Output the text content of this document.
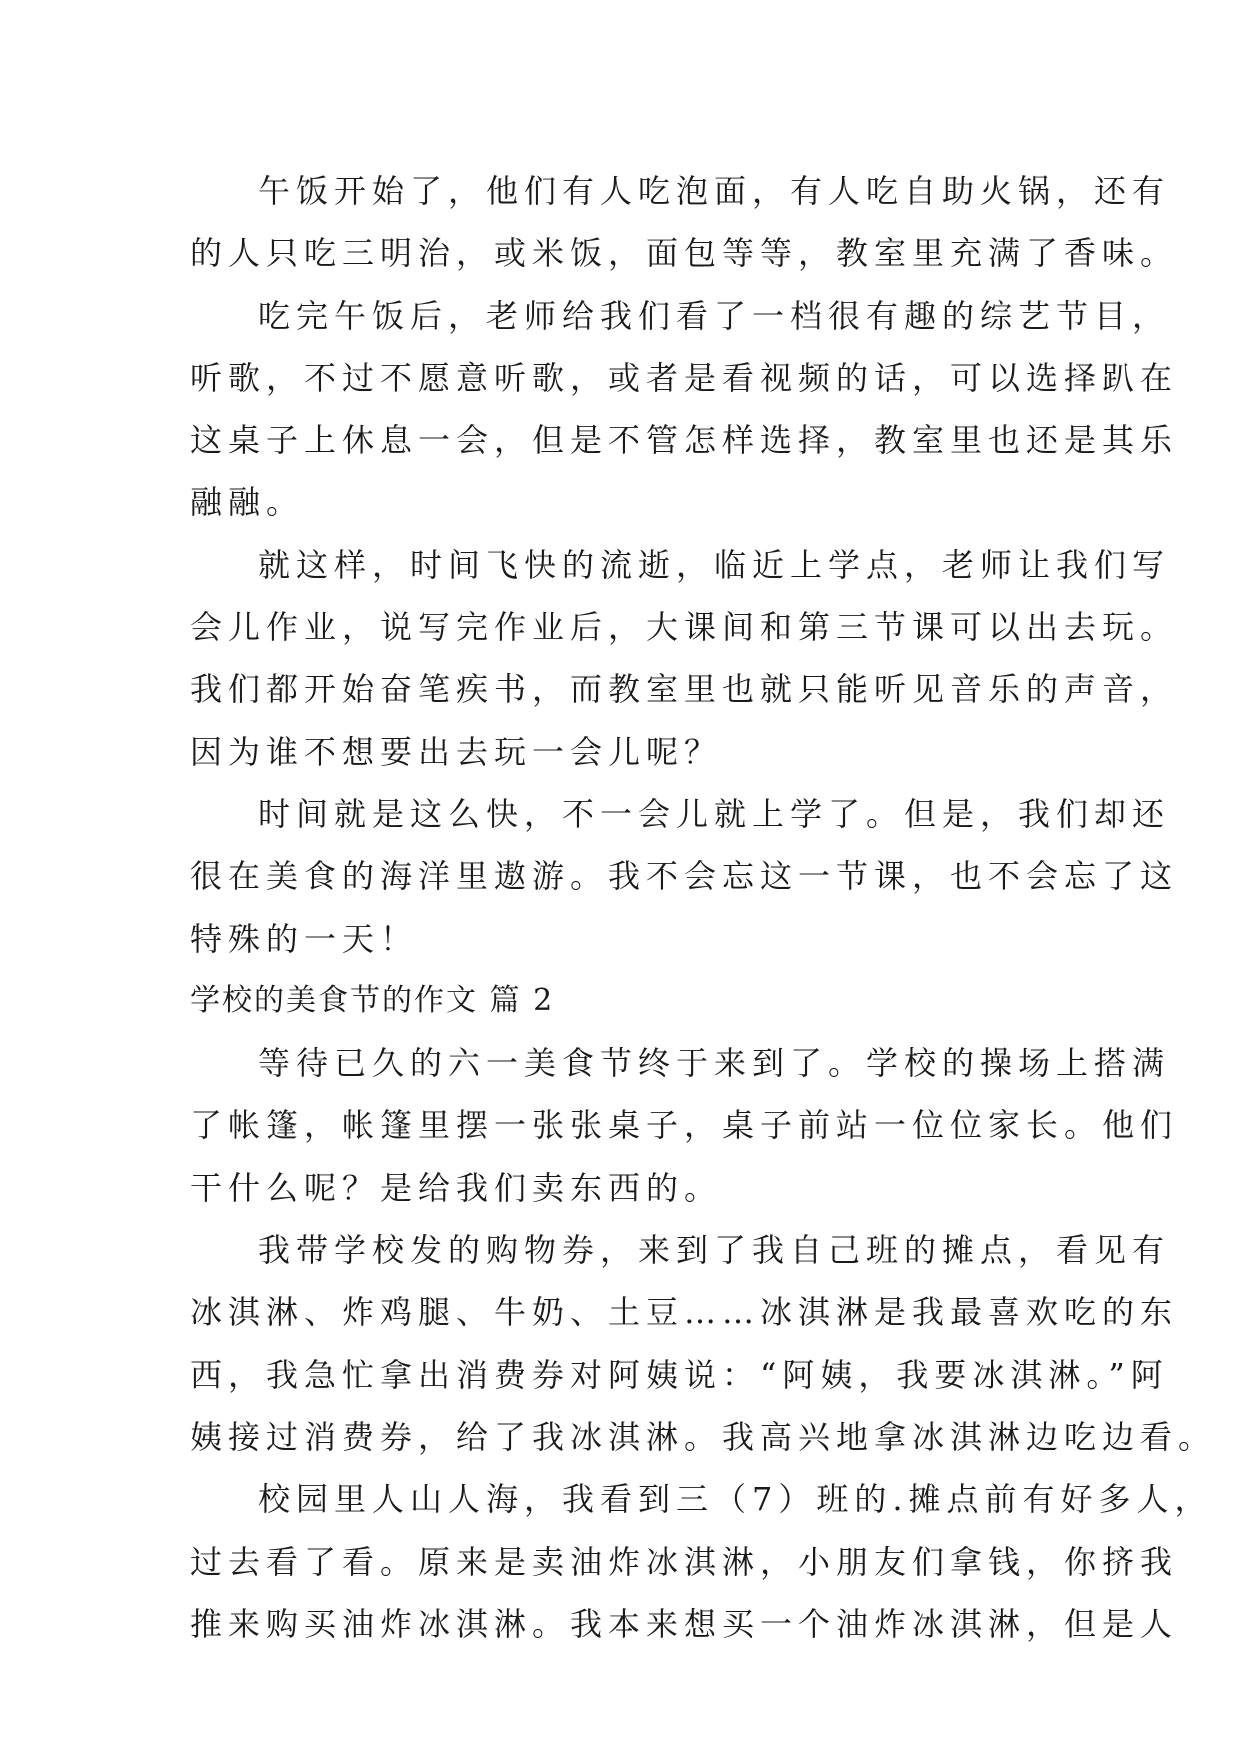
午饭开始了，他们有人吃泡面，有人吃自助火锅，还有
的人只吃三明治，或米饭，面包等等，教室里充满了香味。
吃完午饭后，老师给我们看了一档很有趣的综艺节目，
听歌，不过不愿意听歌，或者是看视频的话，可以选择趴在
这桌子上休息一会，但是不管怎样选择，教室里也还是其乐
融融。
就这样，时间飞快的流逝，临近上学点，老师让我们写
会儿作业，说写完作业后，大课间和第三节课可以出去玩。
我们都开始奋笔疾书，而教室里也就只能听见音乐的声音，
因为谁不想要出去玩一会儿呢？
时间就是这么快，不一会儿就上学了。但是，我们却还
很在美食的海洋里遨游。我不会忘这一节课，也不会忘了这
特殊的一天！
学校的美食节的作文 篇 2
等待已久的六一美食节终于来到了。学校的操场上搭满
了帐篷，帐篷里摆一张张桌子，桌子前站一位位家长。他们
干什么呢？是给我们卖东西的。
我带学校发的购物券，来到了我自己班的摊点，看见有
冰淇淋、炸鸡腿、牛奶、土豆……冰淇淋是我最喜欢吃的东
西，我急忙拿出消费券对阿姨说：“阿姨，我要冰淇淋。”阿
姨接过消费券，给了我冰淇淋。我高兴地拿冰淇淋边吃边看。
校园里人山人海，我看到三（7）班的.摊点前有好多人，
过去看了看。原来是卖油炸冰淇淋，小朋友们拿钱，你挤我
推来购买油炸冰淇淋。我本来想买一个油炸冰淇淋，但是人
